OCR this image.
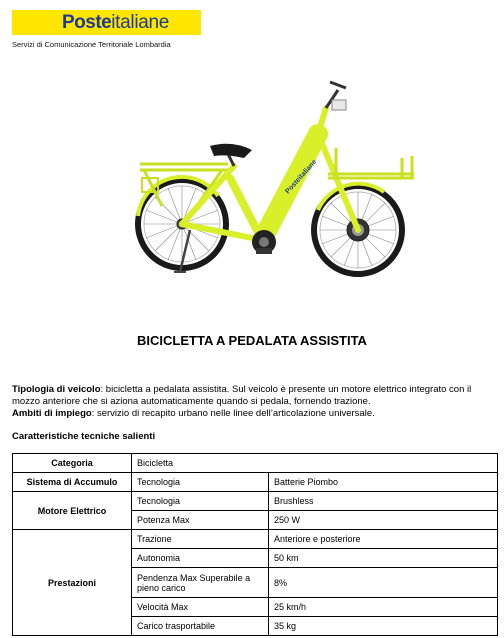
Poste italiane
Servizi di Comunicazione Territoriale Lombardia
Posteitaliane
BICICLETTA A PEDALATA ASSISTITA
Tipologia di veicolo: bicicletta a pedalata assistita. Sul veicolo è presente un motore elettrico integrato con il mozzo anteriore che si aziona automaticamente quando si pedala, fornendo trazione.
Ambiti di impiego: servizio di recapito urbano nelle linee dell’articolazione universale.
Caratteristiche tecniche salienti
Categoria	Bicicletta	
Sistema di Accumulo	Tecnologia	Batterie Piombo
Motore Elettrico	Tecnologia	Brushless
	Potenza Max	250 W
Prestazioni	Trazione	Anteriore e posteriore
	Autonomia	50 km
	Pendenza Max Superabile a pieno carico	8%
	Velocità Max	25 km/h
	Carico trasportabile	35 kg
